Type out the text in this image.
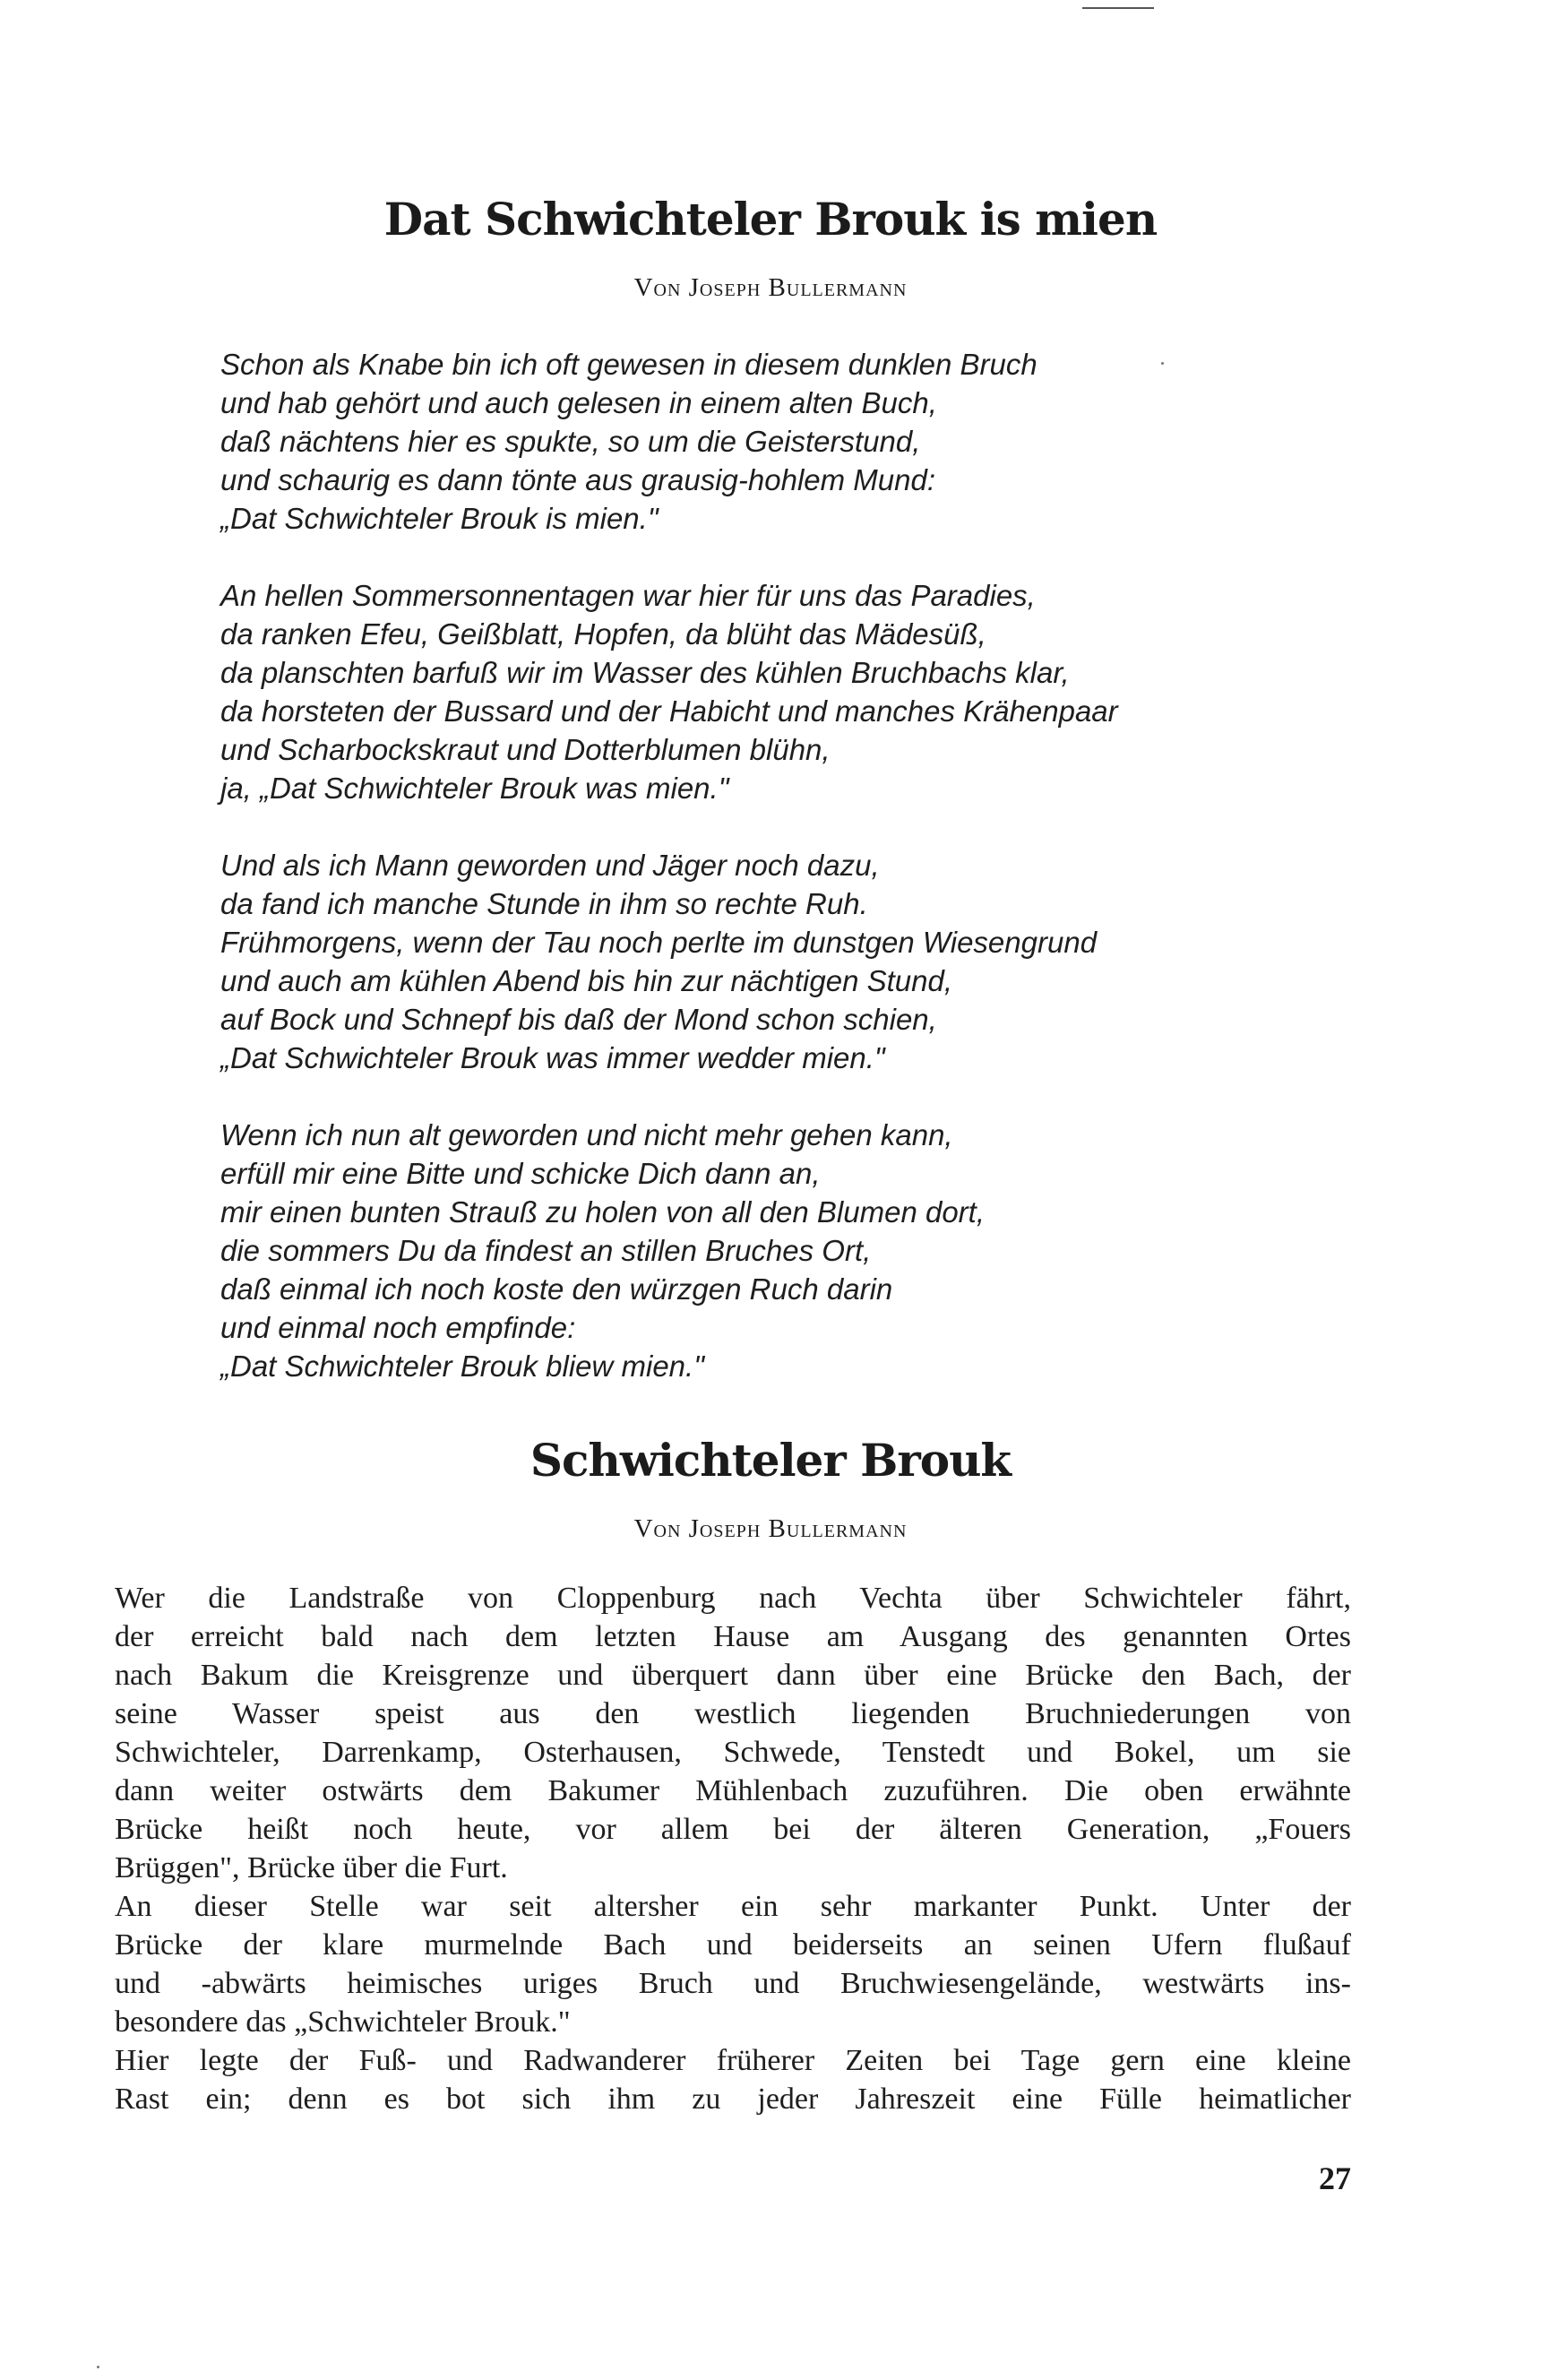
Dat Schwichteler Brouk is mien
Von Joseph Bullermann
Schon als Knabe bin ich oft gewesen in diesem dunklen Bruch
und hab gehört und auch gelesen in einem alten Buch,
daß nächtens hier es spukte, so um die Geisterstund,
und schaurig es dann tönte aus grausig-hohlem Mund:
„Dat Schwichteler Brouk is mien."
An hellen Sommersonnentagen war hier für uns das Paradies,
da ranken Efeu, Geißblatt, Hopfen, da blüht das Mädesüß,
da planschten barfuß wir im Wasser des kühlen Bruchbachs klar,
da horsteten der Bussard und der Habicht und manches Krähenpaar
und Scharbockskraut und Dotterblumen blühn,
ja, „Dat Schwichteler Brouk was mien."
Und als ich Mann geworden und Jäger noch dazu,
da fand ich manche Stunde in ihm so rechte Ruh.
Frühmorgens, wenn der Tau noch perlte im dunstgen Wiesengrund
und auch am kühlen Abend bis hin zur nächtigen Stund,
auf Bock und Schnepf bis daß der Mond schon schien,
„Dat Schwichteler Brouk was immer wedder mien."
Wenn ich nun alt geworden und nicht mehr gehen kann,
erfüll mir eine Bitte und schicke Dich dann an,
mir einen bunten Strauß zu holen von all den Blumen dort,
die sommers Du da findest an stillen Bruches Ort,
daß einmal ich noch koste den würzgen Ruch darin
und einmal noch empfinde:
„Dat Schwichteler Brouk bliew mien."
Schwichteler Brouk
Von Joseph Bullermann
Wer die Landstraße von Cloppenburg nach Vechta über Schwichteler fährt,
der erreicht bald nach dem letzten Hause am Ausgang des genannten Ortes
nach Bakum die Kreisgrenze und überquert dann über eine Brücke den Bach, der
seine Wasser speist aus den westlich liegenden Bruchniederungen von
Schwichteler, Darrenkamp, Osterhausen, Schwede, Tenstedt und Bokel, um sie
dann weiter ostwärts dem Bakumer Mühlenbach zuzuführen. Die oben erwähnte
Brücke heißt noch heute, vor allem bei der älteren Generation, „Fouers
Brüggen", Brücke über die Furt.
An dieser Stelle war seit altersher ein sehr markanter Punkt. Unter der
Brücke der klare murmelnde Bach und beiderseits an seinen Ufern flußauf
und -abwärts heimisches uriges Bruch und Bruchwiesengelände, westwärts ins-
besondere das „Schwichteler Brouk."
Hier legte der Fuß- und Radwanderer früherer Zeiten bei Tage gern eine kleine
Rast ein; denn es bot sich ihm zu jeder Jahreszeit eine Fülle heimatlicher
27
